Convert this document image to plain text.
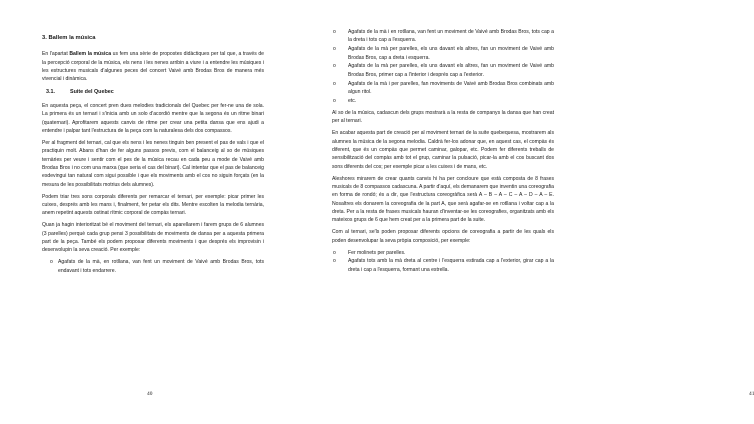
3. Ballem la música

En l'apartat Ballem la música us fem una sèrie de propostes didàctiques per tal que, a través de la percepció corporal de la música, els nens i les nenes arribin a viure i a entendre les músiques i les estructures musicals d'algunes peces del concert Vaivé amb Brodas Bros de manera més vivencial i dinàmica.

3.1.	Suite del Quebec

En aquesta peça, el concert pren dues melodies tradicionals del Quebec per fer-ne una de sola. La primera és un ternari i s'inicia amb un solo d'acordió mentre que la segona és un ritme binari (quaternari). Aprofitarem aquests canvis de ritme per crear una petita dansa que ens ajudi a entendre i palpar tant l'estructura de la peça com la naturalesa dels dos compassos.

Per al fragment del ternari, cal que els nens i les nenes tinguin ben present el pas de vals i que el practiquin molt. Abans d'han de fer alguns passos previs, com el balanceig al so de músiques ternàries per veure i sentir com el pes de la música recau en cada peu a mode de Vaivé amb Brodas Bros i no com una marxa (que seria el cas del binari). Cal intentar que el pas de balanceig esdevingui tan natural com sigui possible i que els moviments amb el cos no siguin forçats (en la mesura de les possibilitats motrius dels alumnes).

Podem triar tres sons corporals diferents per remarcar el ternari, per exemple: picar primer les cuixes, després amb les mans i, finalment, fer petar els dits. Mentre escolten la melodia ternària, anem repetint aquests ostinat rítmic corporal de compàs ternari.

Quan ja hagin interioritzat bé el moviment del ternari, els aparellarem i farem grups de 6 alumnes (3 parelles) perquè cada grup pensi 3 possibilitats de moviments de dansa per a aquesta primera part de la peça. També els podem proposar diferents moviments i que després els improvisin i desenvolupin la seva creació. Per exemple:

o Agafats de la mà, en rotllana, van fent un moviment de Vaivé amb Brodas Bros, tots endavant i tots endarrere.
40	41
o	Agafats de la mà i en rotllana, van fent un moviment de Vaivé amb Brodas Bros, tots cap a la dreta i tots cap a l'esquerra.
o	Agafats de la mà per parelles, els uns davant els altres, fan un moviment de Vaivé amb Brodas Bros, cap a dreta i esquerra.
o	Agafats de la mà per parelles, els uns davant els altres, fan un moviment de Vaivé amb Brodas Bros, primer cap a l'interior i després cap a l'exterior.
o	Agafats de la mà i per parelles, fan moviments de Vaivé amb Brodas Bros combinats amb algun ritol.
o	etc.

Al so de la música, cadascun dels grups mostrarà a la resta de companys la dansa que han creat per al ternari.

En acabar aquesta part de creació per al moviment ternari de la suite quebequesa, mostrarem als alumnes la música de la segona melodia. Caldrà fer-los adonar que, en aquest cas, el compàs és diferent, que és un compàs que permet caminar, galopar, etc. Podem fer diferents treballs de sensibilització del compàs amb tot el grup, caminar la pulsació, picar-la amb el cos buscant dos sons diferents del cos; per exemple picar a les cuixes i de mans, etc.

Aleshores mirarem de crear quants canvis hi ha per concloure que està composta de 8 frases musicals de 8 compassos cadascuna. A partir d'aquí, els demanarem que inventin una coreografia en forma de rondó; és a dir, que l'estructura coreogràfica serà A – B – A – C – A – D – A – E. Nosaltres els donarem la coreografia de la part A, que serà agafar-se en rotllana i voltar cap a la dreta. Per a la resta de frases musicals hauran d'inventar-se les coreografies, organitzats amb els mateixos grups de 6 que hem creat per a la primera part de la suite.

Com al ternari, se'ls poden proposar diferents opcions de coreografia a partir de les quals els poden desenvolupar la seva pròpia composició, per exemple:

o	Fer molinets per parelles.
o	Agafats tots amb la mà dreta al centre i l'esquerra estirada cap a l'exterior, girar cap a la dreta i cap a l'esquerra, formant una estrella.
